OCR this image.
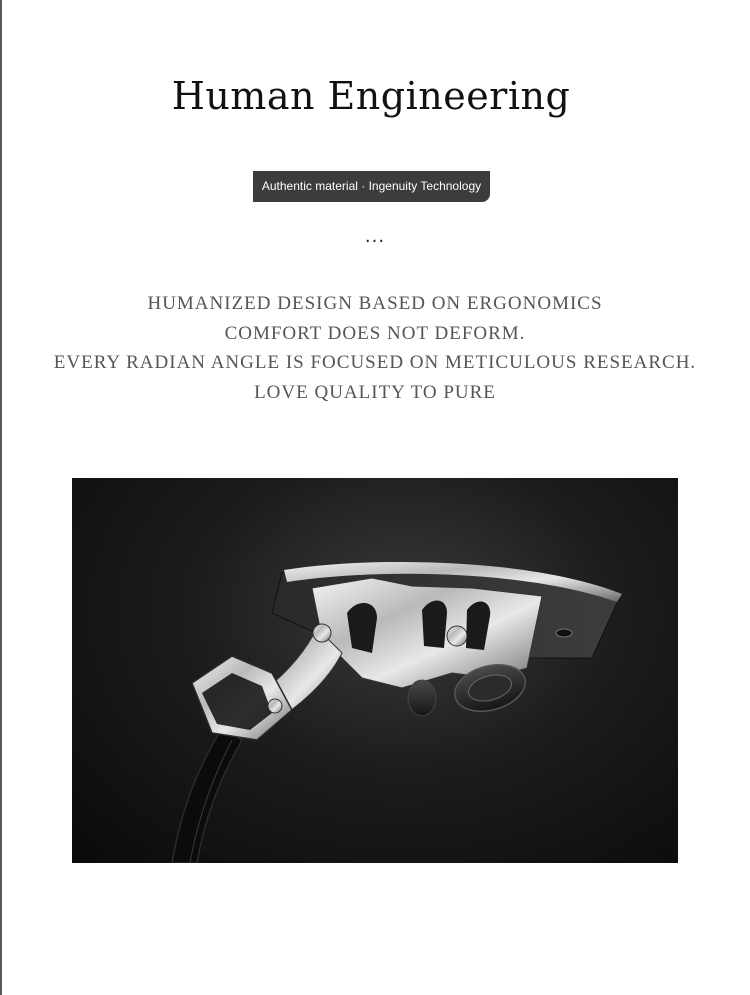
Human Engineering
Authentic material · Ingenuity Technology
...
HUMANIZED DESIGN BASED ON ERGONOMICS
COMFORT DOES NOT DEFORM.
EVERY RADIAN ANGLE IS FOCUSED ON METICULOUS RESEARCH.
LOVE QUALITY TO PURE
